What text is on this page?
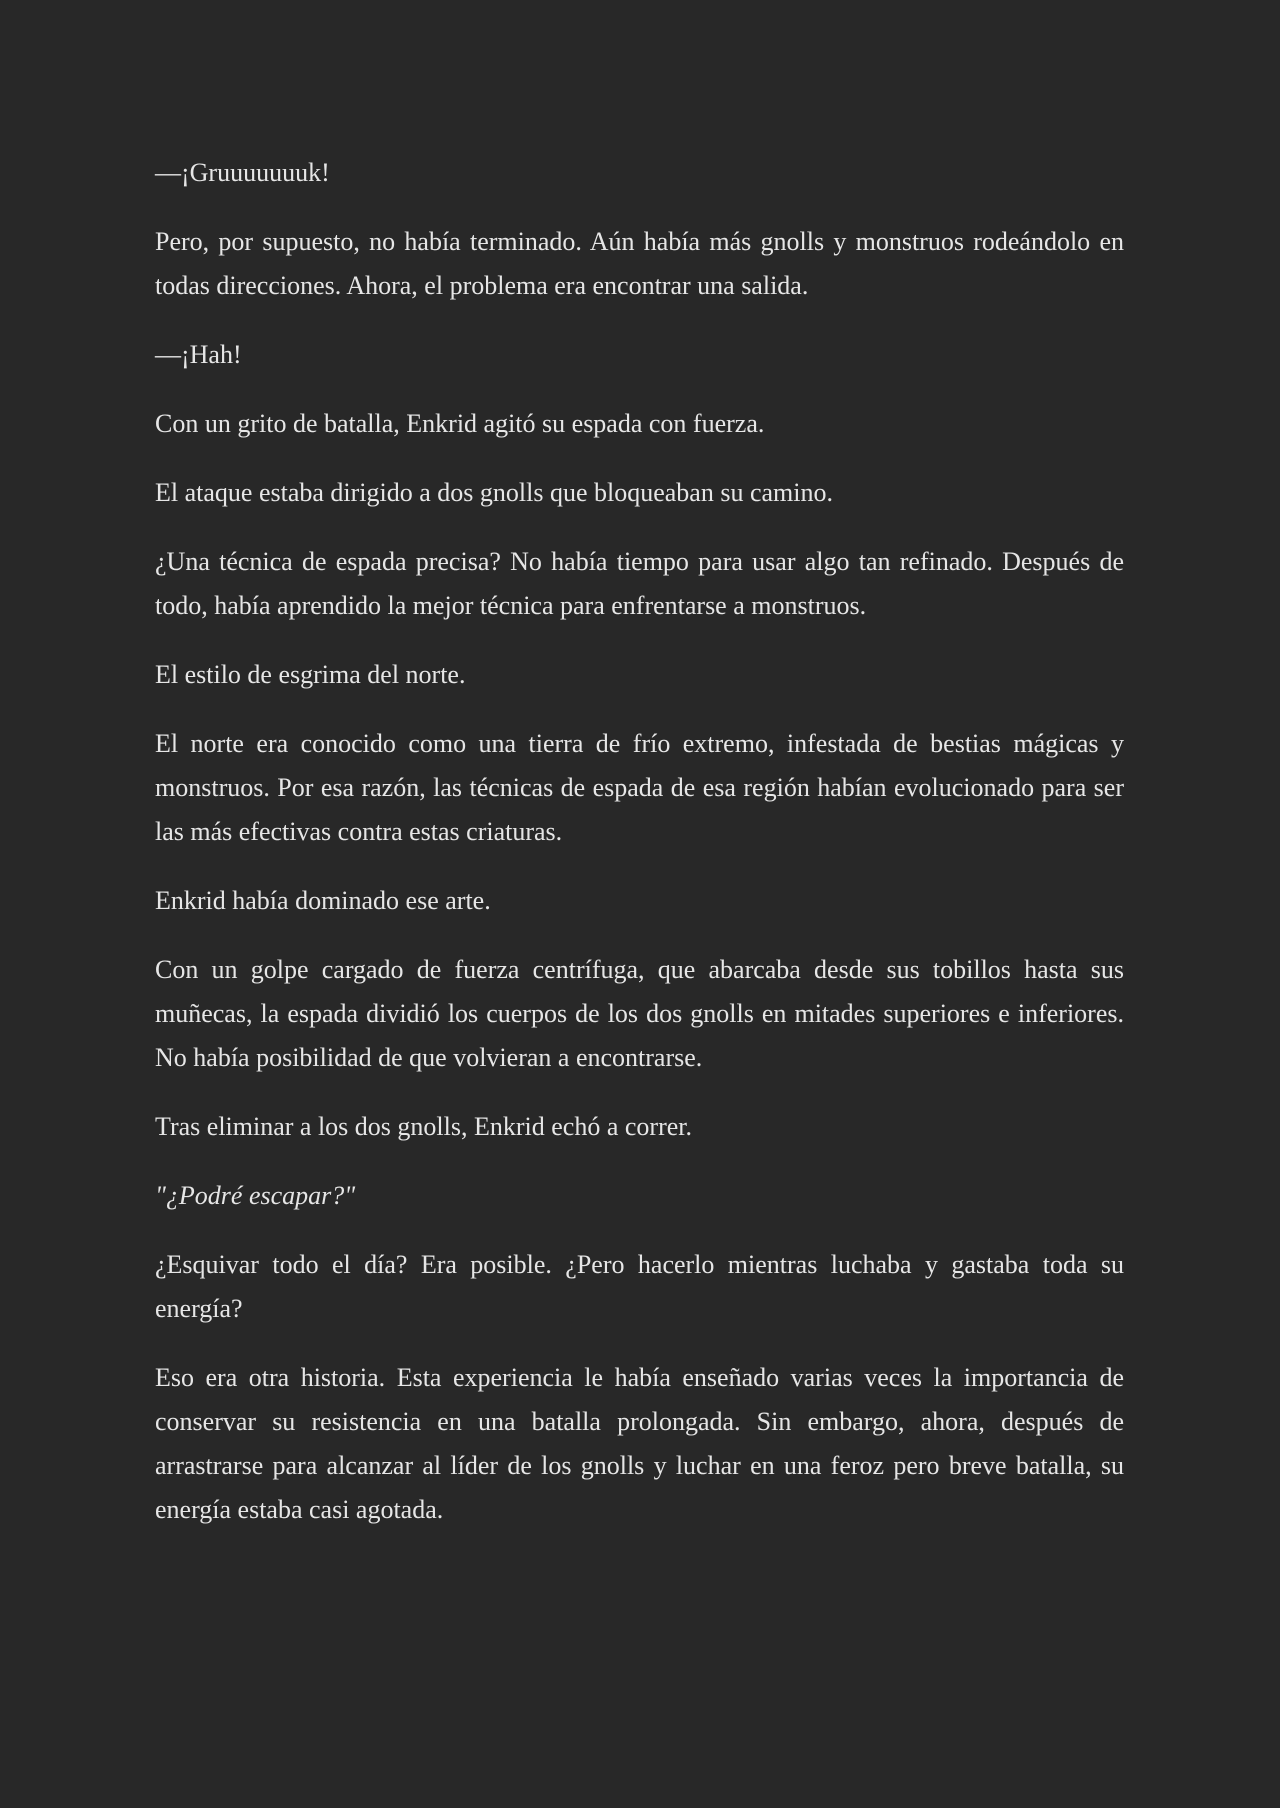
—¡Gruuuuuuuk!

Pero, por supuesto, no había terminado. Aún había más gnolls y monstruos rodeándolo en todas direcciones. Ahora, el problema era encontrar una salida.

—¡Hah!

Con un grito de batalla, Enkrid agitó su espada con fuerza.

El ataque estaba dirigido a dos gnolls que bloqueaban su camino.

¿Una técnica de espada precisa? No había tiempo para usar algo tan refinado. Después de todo, había aprendido la mejor técnica para enfrentarse a monstruos.

El estilo de esgrima del norte.

El norte era conocido como una tierra de frío extremo, infestada de bestias mágicas y monstruos. Por esa razón, las técnicas de espada de esa región habían evolucionado para ser las más efectivas contra estas criaturas.

Enkrid había dominado ese arte.

Con un golpe cargado de fuerza centrífuga, que abarcaba desde sus tobillos hasta sus muñecas, la espada dividió los cuerpos de los dos gnolls en mitades superiores e inferiores. No había posibilidad de que volvieran a encontrarse.

Tras eliminar a los dos gnolls, Enkrid echó a correr.

"¿Podré escapar?"

¿Esquivar todo el día? Era posible. ¿Pero hacerlo mientras luchaba y gastaba toda su energía?

Eso era otra historia. Esta experiencia le había enseñado varias veces la importancia de conservar su resistencia en una batalla prolongada. Sin embargo, ahora, después de arrastrarse para alcanzar al líder de los gnolls y luchar en una feroz pero breve batalla, su energía estaba casi agotada.
